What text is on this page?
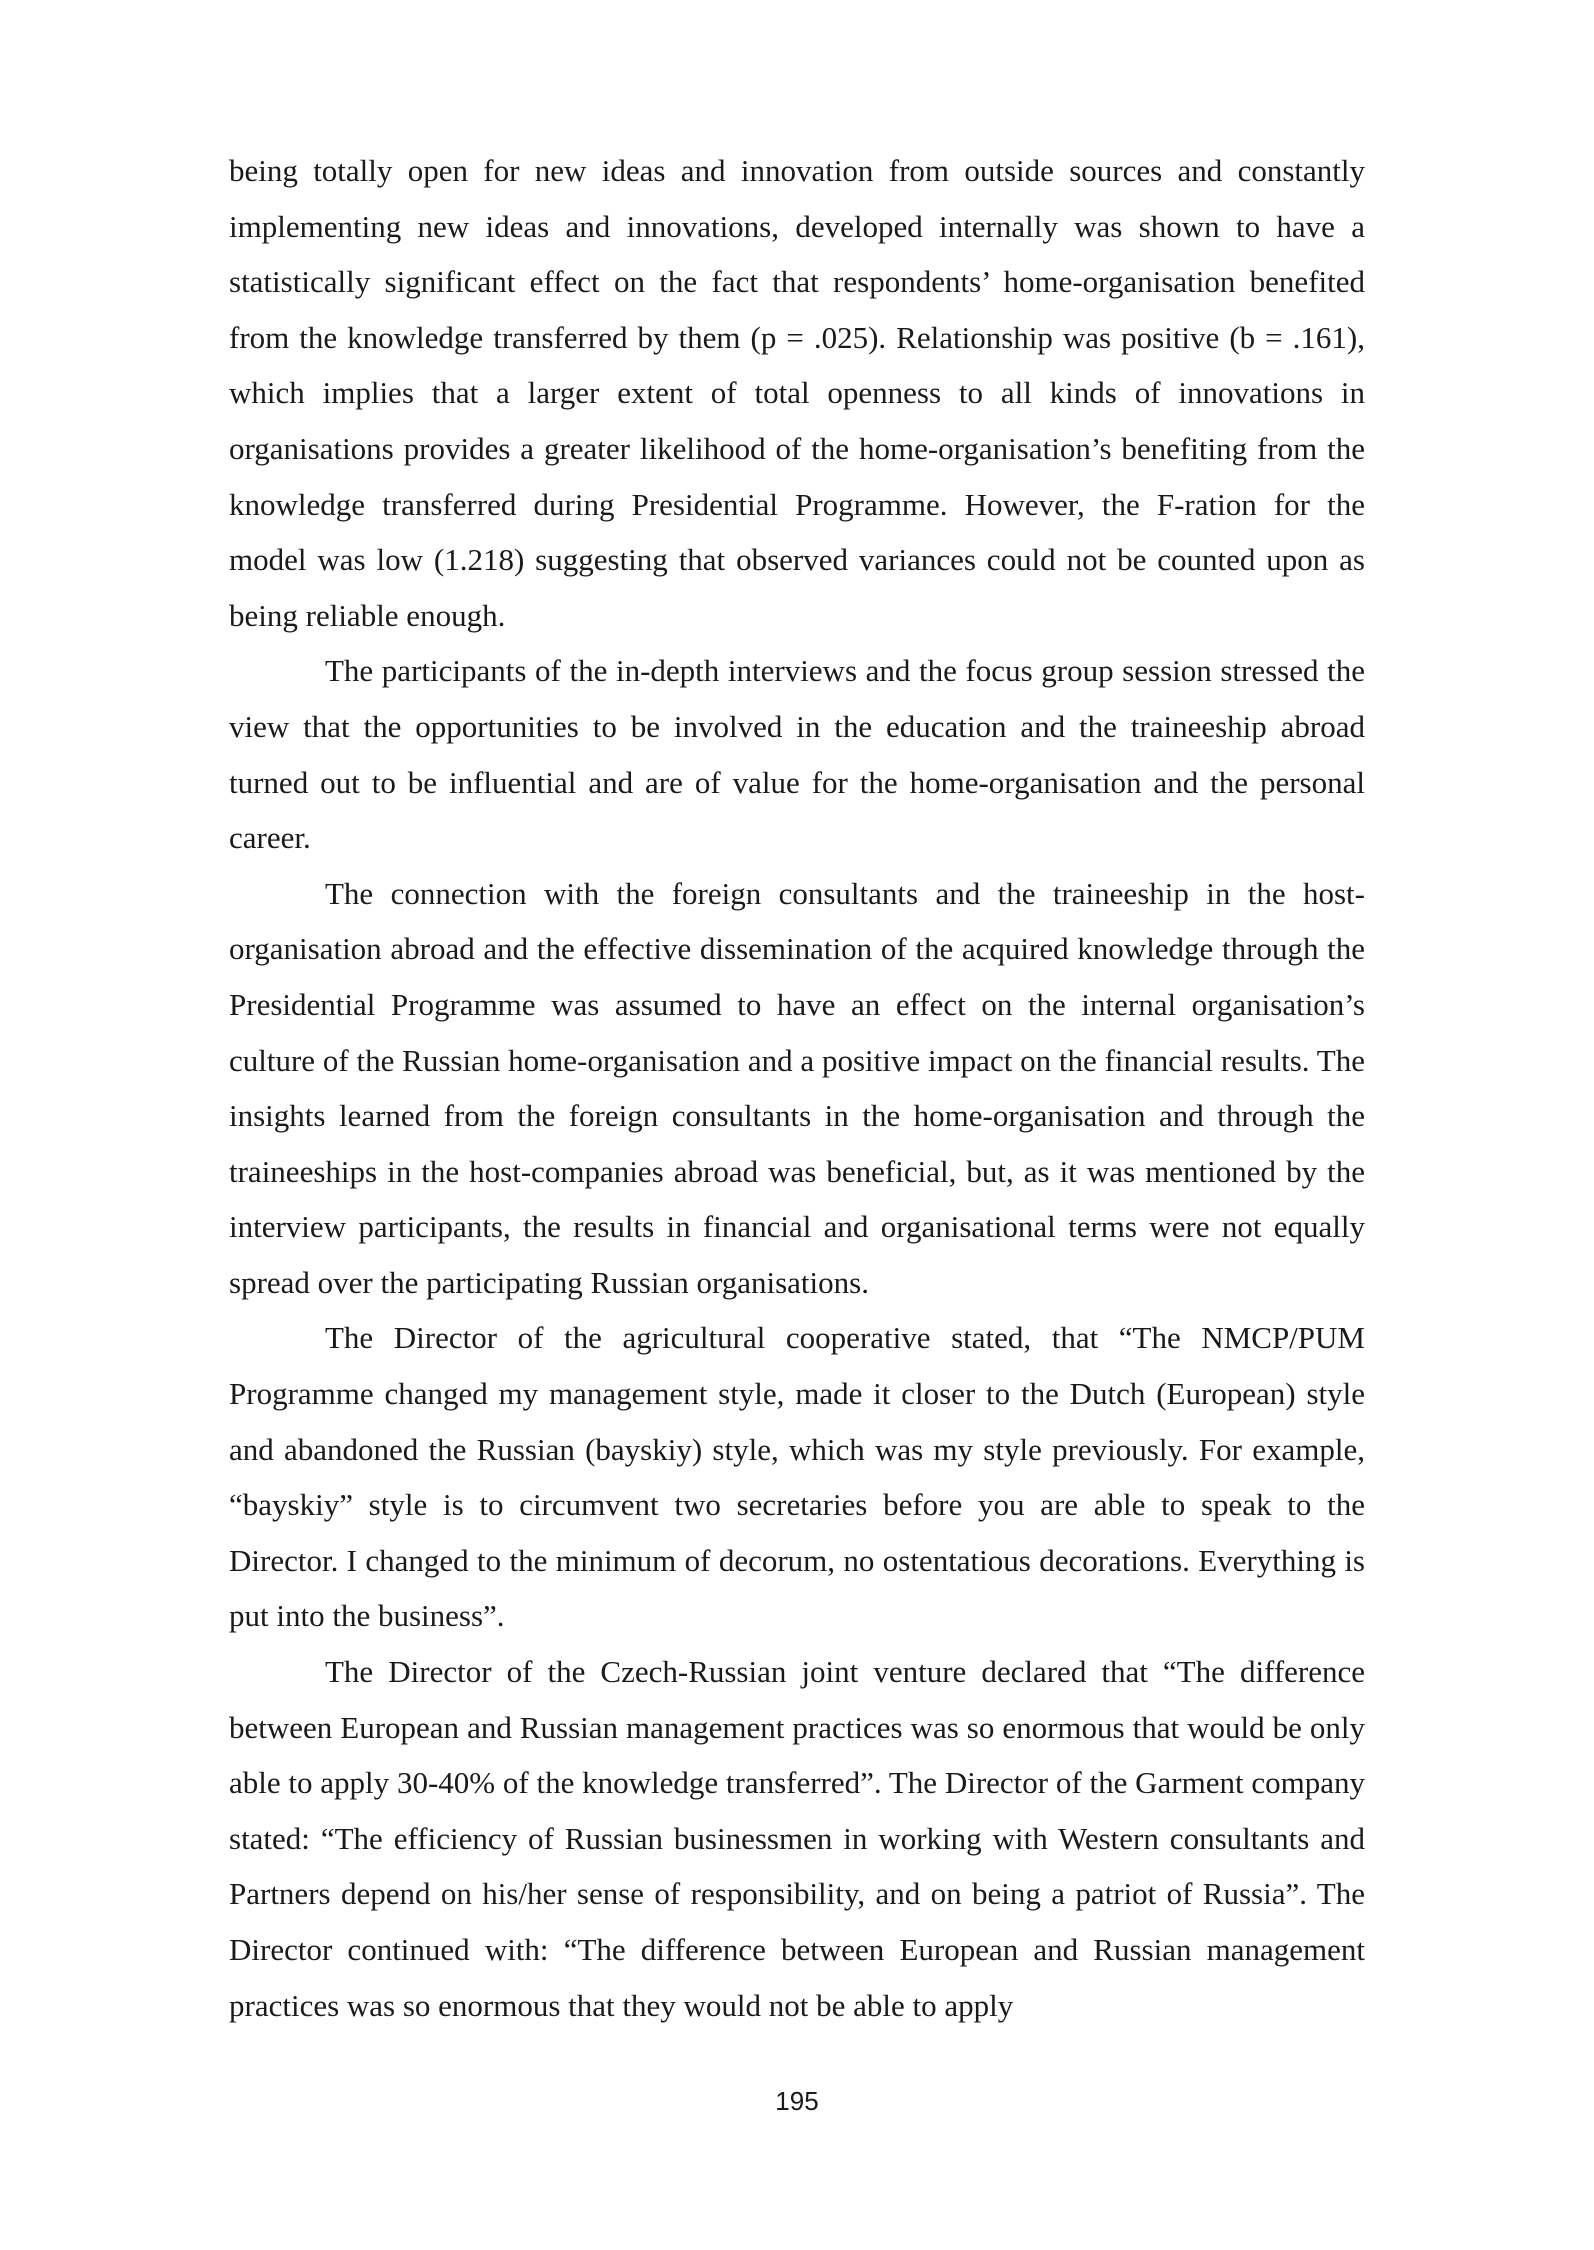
being totally open for new ideas and innovation from outside sources and constantly implementing new ideas and innovations, developed internally was shown to have a statistically significant effect on the fact that respondents’ home-organisation benefited from the knowledge transferred by them (p = .025). Relationship was positive (b = .161), which implies that a larger extent of total openness to all kinds of innovations in organisations provides a greater likelihood of the home-organisation’s benefiting from the knowledge transferred during Presidential Programme. However, the F-ration for the model was low (1.218) suggesting that observed variances could not be counted upon as being reliable enough.

The participants of the in-depth interviews and the focus group session stressed the view that the opportunities to be involved in the education and the traineeship abroad turned out to be influential and are of value for the home-organisation and the personal career.

The connection with the foreign consultants and the traineeship in the host-organisation abroad and the effective dissemination of the acquired knowledge through the Presidential Programme was assumed to have an effect on the internal organisation’s culture of the Russian home-organisation and a positive impact on the financial results. The insights learned from the foreign consultants in the home-organisation and through the traineeships in the host-companies abroad was beneficial, but, as it was mentioned by the interview participants, the results in financial and organisational terms were not equally spread over the participating Russian organisations.

The Director of the agricultural cooperative stated, that “The NMCP/PUM Programme changed my management style, made it closer to the Dutch (European) style and abandoned the Russian (bayskiy) style, which was my style previously. For example, “bayskiy” style is to circumvent two secretaries before you are able to speak to the Director. I changed to the minimum of decorum, no ostentatious decorations. Everything is put into the business”.

The Director of the Czech-Russian joint venture declared that “The difference between European and Russian management practices was so enormous that would be only able to apply 30-40% of the knowledge transferred”. The Director of the Garment company stated: “The efficiency of Russian businessmen in working with Western consultants and Partners depend on his/her sense of responsibility, and on being a patriot of Russia”. The Director continued with: “The difference between European and Russian management practices was so enormous that they would not be able to apply

195
